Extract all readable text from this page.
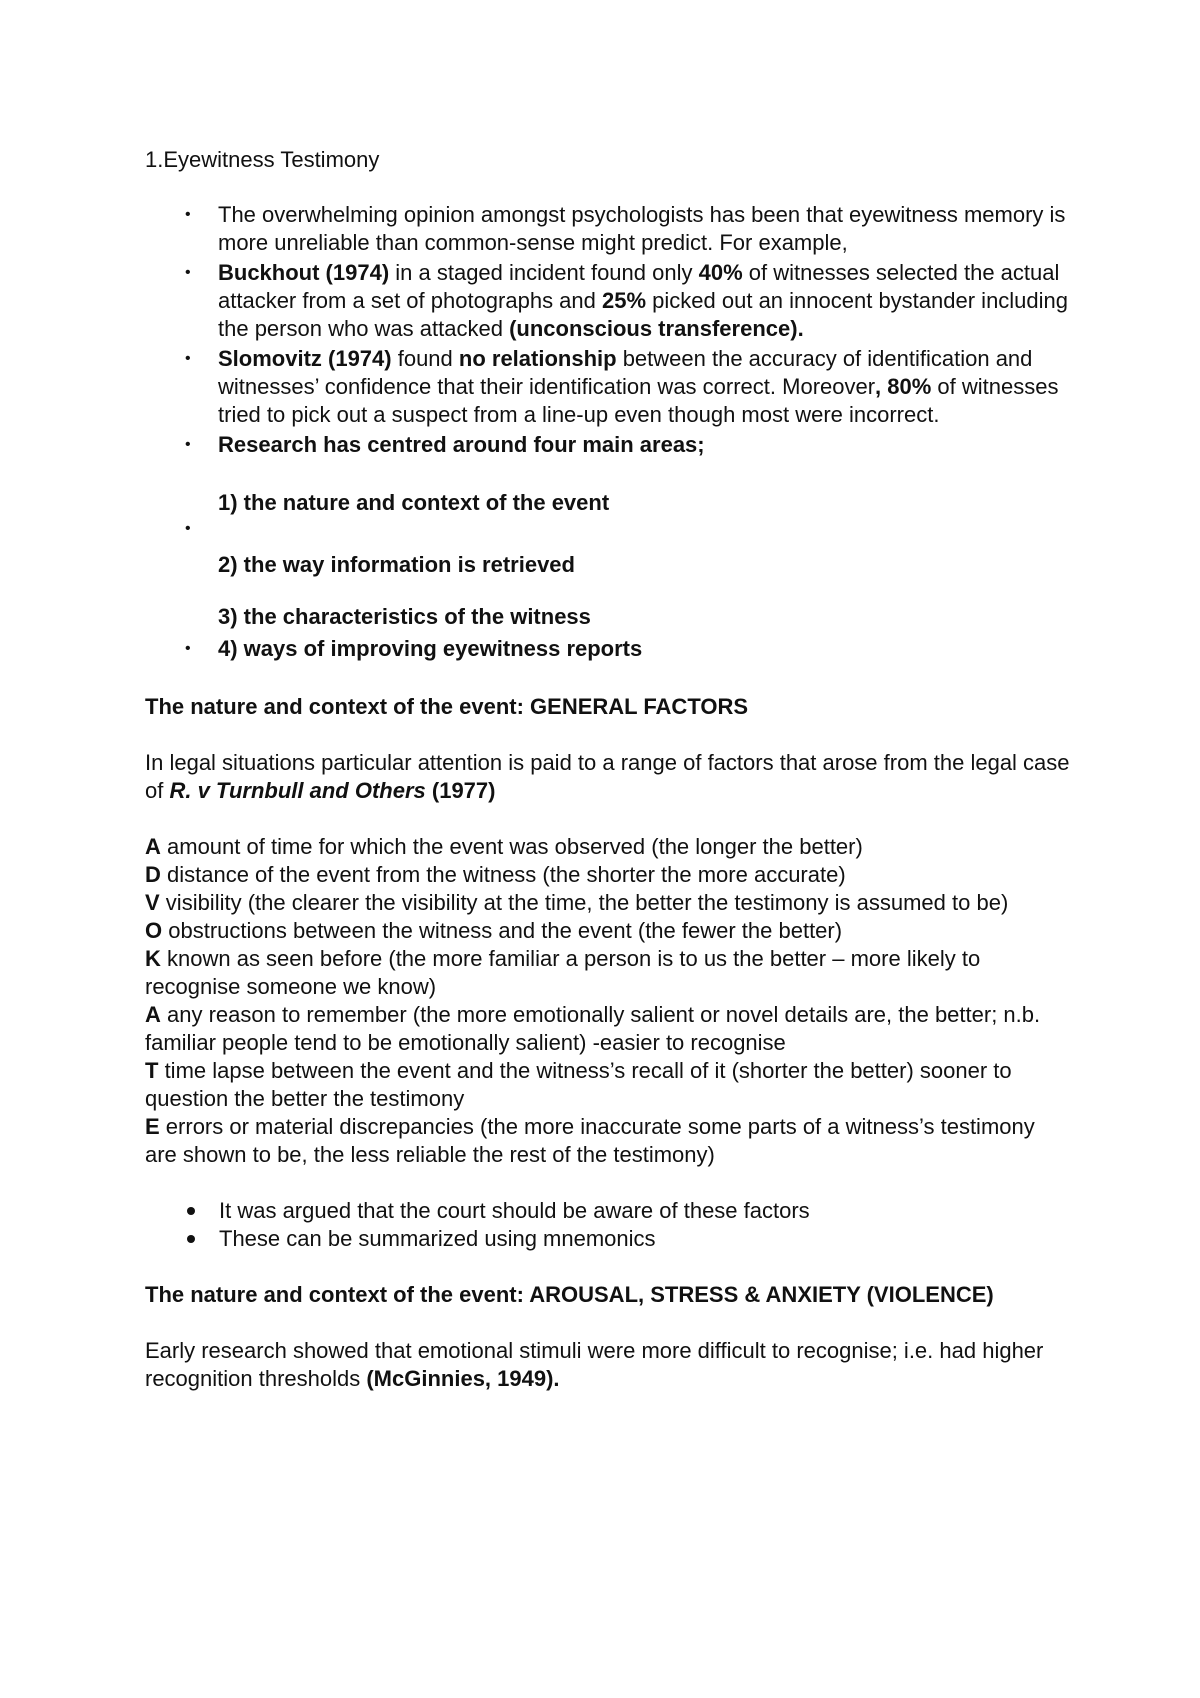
1.Eyewitness Testimony
• The overwhelming opinion amongst psychologists has been that eyewitness memory is more unreliable than common-sense might predict. For example,
• Buckhout (1974) in a staged incident found only 40% of witnesses selected the actual attacker from a set of photographs and 25% picked out an innocent bystander including the person who was attacked (unconscious transference).
• Slomovitz (1974) found no relationship between the accuracy of identification and witnesses’ confidence that their identification was correct. Moreover, 80% of witnesses tried to pick out a suspect from a line-up even though most were incorrect.
• Research has centred around four main areas;
1) the nature and context of the event
•
2) the way information is retrieved
3) the characteristics of the witness
• 4) ways of improving eyewitness reports
The nature and context of the event: GENERAL FACTORS
In legal situations particular attention is paid to a range of factors that arose from the legal case of R. v Turnbull and Others (1977)
A amount of time for which the event was observed (the longer the better)
D distance of the event from the witness (the shorter the more accurate)
V visibility (the clearer the visibility at the time, the better the testimony is assumed to be)
O obstructions between the witness and the event (the fewer the better)
K known as seen before (the more familiar a person is to us the better – more likely to recognise someone we know)
A any reason to remember (the more emotionally salient or novel details are, the better; n.b. familiar people tend to be emotionally salient) -easier to recognise
T time lapse between the event and the witness’s recall of it (shorter the better) sooner to question the better the testimony
E errors or material discrepancies (the more inaccurate some parts of a witness’s testimony are shown to be, the less reliable the rest of the testimony)
It was argued that the court should be aware of these factors
These can be summarized using mnemonics
The nature and context of the event: AROUSAL, STRESS & ANXIETY (VIOLENCE)
Early research showed that emotional stimuli were more difficult to recognise; i.e. had higher recognition thresholds (McGinnies, 1949).
